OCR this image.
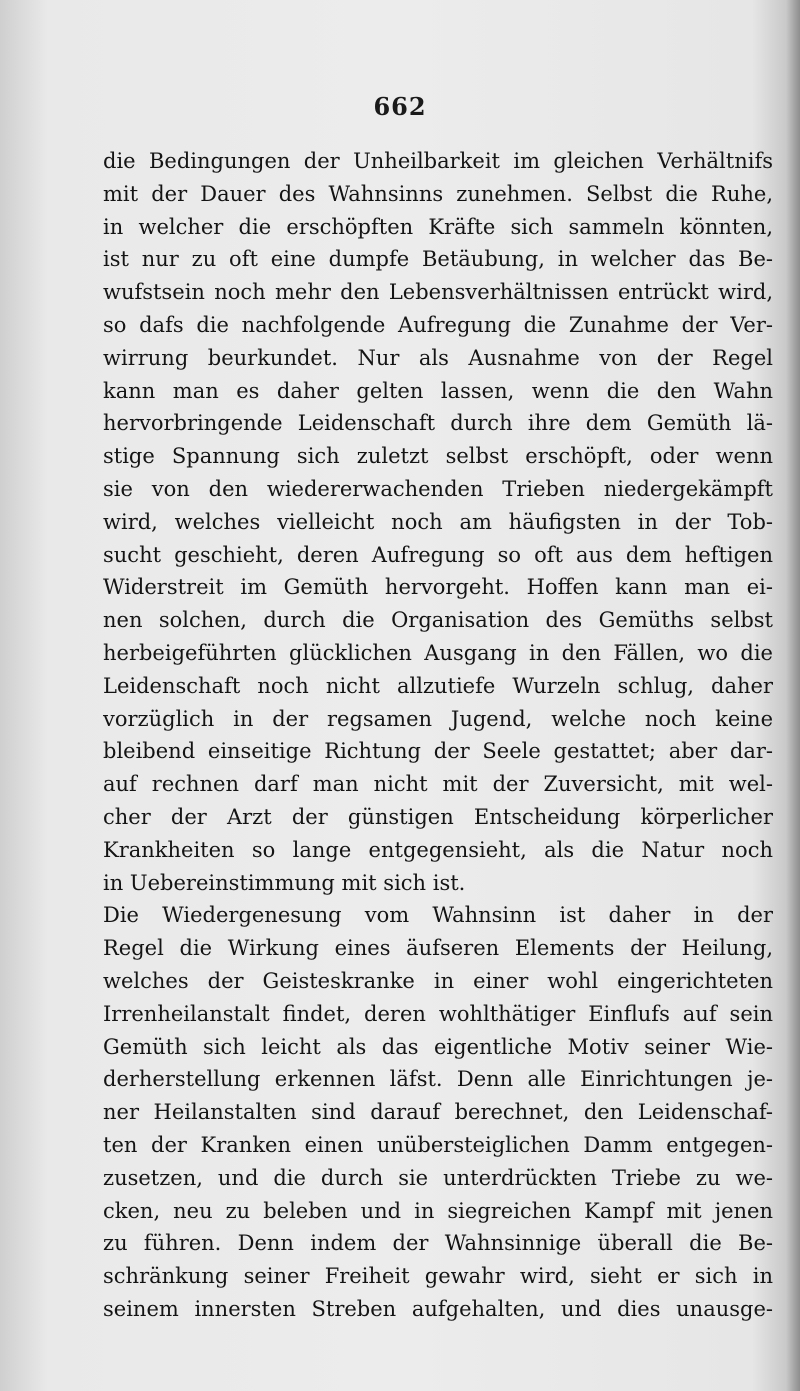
662
die Bedingungen der Unheilbarkeit im gleichen Verhältnifs
mit der Dauer des Wahnsinns zunehmen. Selbst die Ruhe,
in welcher die erschöpften Kräfte sich sammeln könnten,
ist nur zu oft eine dumpfe Betäubung, in welcher das Be-
wufstsein noch mehr den Lebensverhältnissen entrückt wird,
so dafs die nachfolgende Aufregung die Zunahme der Ver-
wirrung beurkundet. Nur als Ausnahme von der Regel
kann man es daher gelten lassen, wenn die den Wahn
hervorbringende Leidenschaft durch ihre dem Gemüth lä-
stige Spannung sich zuletzt selbst erschöpft, oder wenn
sie von den wiedererwachenden Trieben niedergekämpft
wird, welches vielleicht noch am häufigsten in der Tob-
sucht geschieht, deren Aufregung so oft aus dem heftigen
Widerstreit im Gemüth hervorgeht. Hoffen kann man ei-
nen solchen, durch die Organisation des Gemüths selbst
herbeigeführten glücklichen Ausgang in den Fällen, wo die
Leidenschaft noch nicht allzutiefe Wurzeln schlug, daher
vorzüglich in der regsamen Jugend, welche noch keine
bleibend einseitige Richtung der Seele gestattet; aber dar-
auf rechnen darf man nicht mit der Zuversicht, mit wel-
cher der Arzt der günstigen Entscheidung körperlicher
Krankheiten so lange entgegensieht, als die Natur noch
in Uebereinstimmung mit sich ist.
Die Wiedergenesung vom Wahnsinn ist daher in der
Regel die Wirkung eines äufseren Elements der Heilung,
welches der Geisteskranke in einer wohl eingerichteten
Irrenheilanstalt findet, deren wohlthätiger Einflufs auf sein
Gemüth sich leicht als das eigentliche Motiv seiner Wie-
derherstellung erkennen läfst. Denn alle Einrichtungen je-
ner Heilanstalten sind darauf berechnet, den Leidenschaf-
ten der Kranken einen unübersteiglichen Damm entgegen-
zusetzen, und die durch sie unterdrückten Triebe zu we-
cken, neu zu beleben und in siegreichen Kampf mit jenen
zu führen. Denn indem der Wahnsinnige überall die Be-
schränkung seiner Freiheit gewahr wird, sieht er sich in
seinem innersten Streben aufgehalten, und dies unausge-
